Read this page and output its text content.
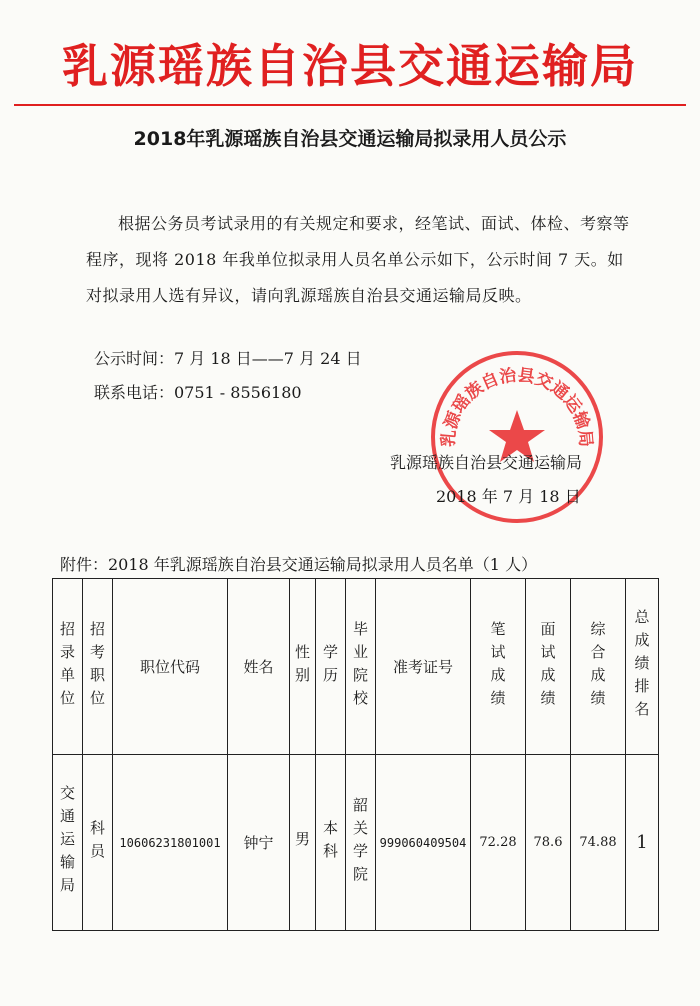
乳源瑶族自治县交通运输局
2018年乳源瑶族自治县交通运输局拟录用人员公示
根据公务员考试录用的有关规定和要求，经笔试、面试、体检、考察等程序，现将 2018 年我单位拟录用人员名单公示如下，公示时间 7 天。如对拟录用人选有异议，请向乳源瑶族自治县交通运输局反映。
公示时间：7 月 18 日——7 月 24 日
联系电话：0751 - 8556180
乳源瑶族自治县交通运输局
乳源瑶族自治县交通运输局
2018 年 7 月 18 日
附件：2018 年乳源瑶族自治县交通运输局拟录用人员名单（1 人）
招录单位	招考职位	职位代码	姓名	性别	学历	毕业院校	准考证号	笔试成绩	面试成绩	综合成绩	总成绩排名

交通运输局	科员	10606231801001	钟宁	男	本科	韶关学院	999060409504	72.28	78.6	74.88	1
